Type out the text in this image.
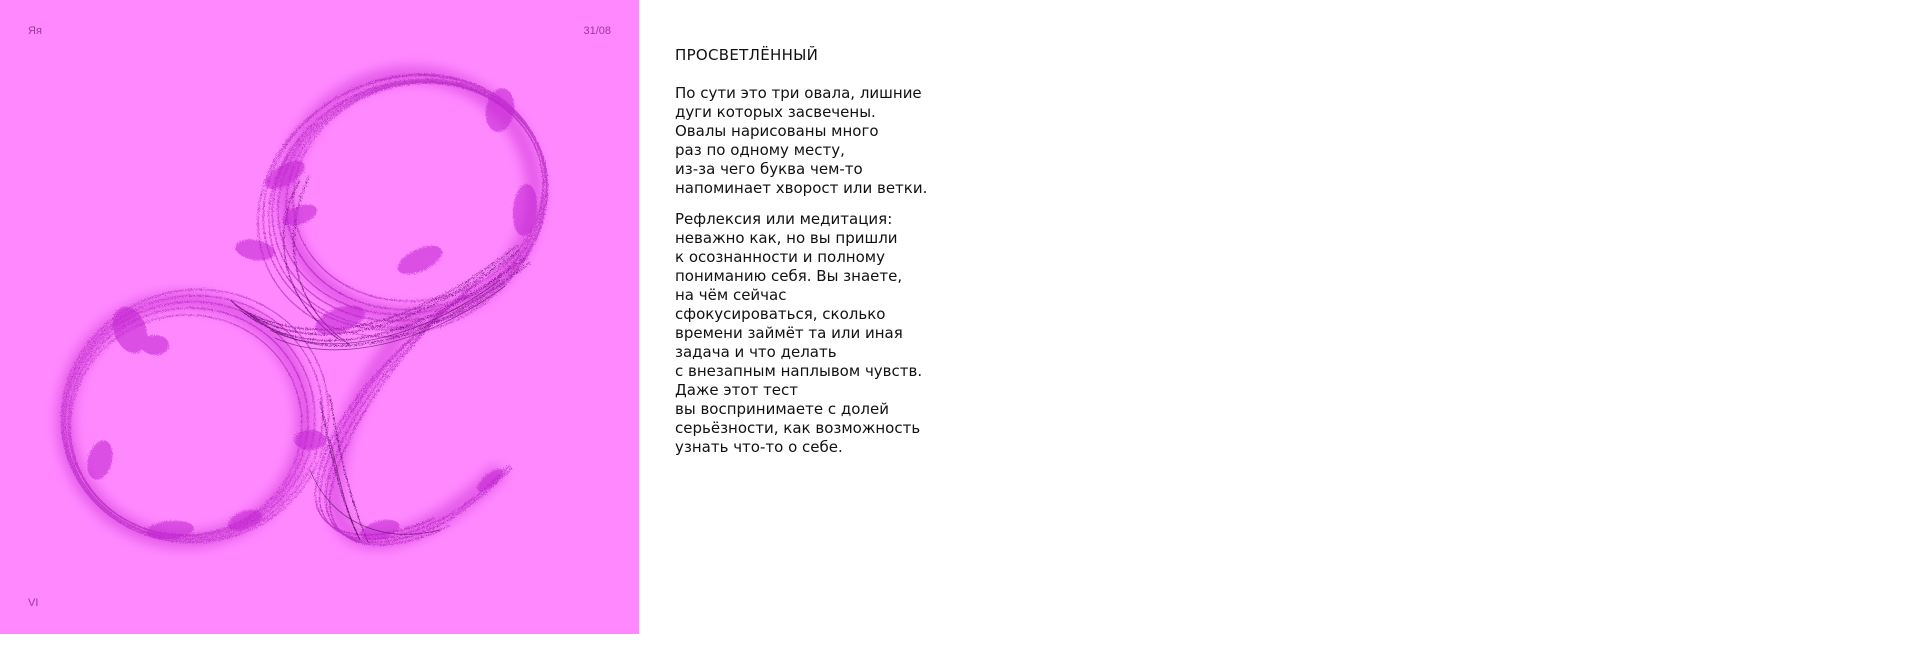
Яя	31/08
VI
ПРОСВЕТЛЁННЫЙ

По сути это три овала, лишние
дуги которых засвечены.
Овалы нарисованы много
раз по одному месту,
из-за чего буква чем-то
напоминает хворост или ветки.

Рефлексия или медитация:
неважно как, но вы пришли
к осознанности и полному
пониманию себя. Вы знаете,
на чём сейчас
сфокусироваться, сколько
времени займёт та или иная
задача и что делать
с внезапным наплывом чувств.
Даже этот тест
вы воспринимаете с долей
серьёзности, как возможность
узнать что-то о себе.
